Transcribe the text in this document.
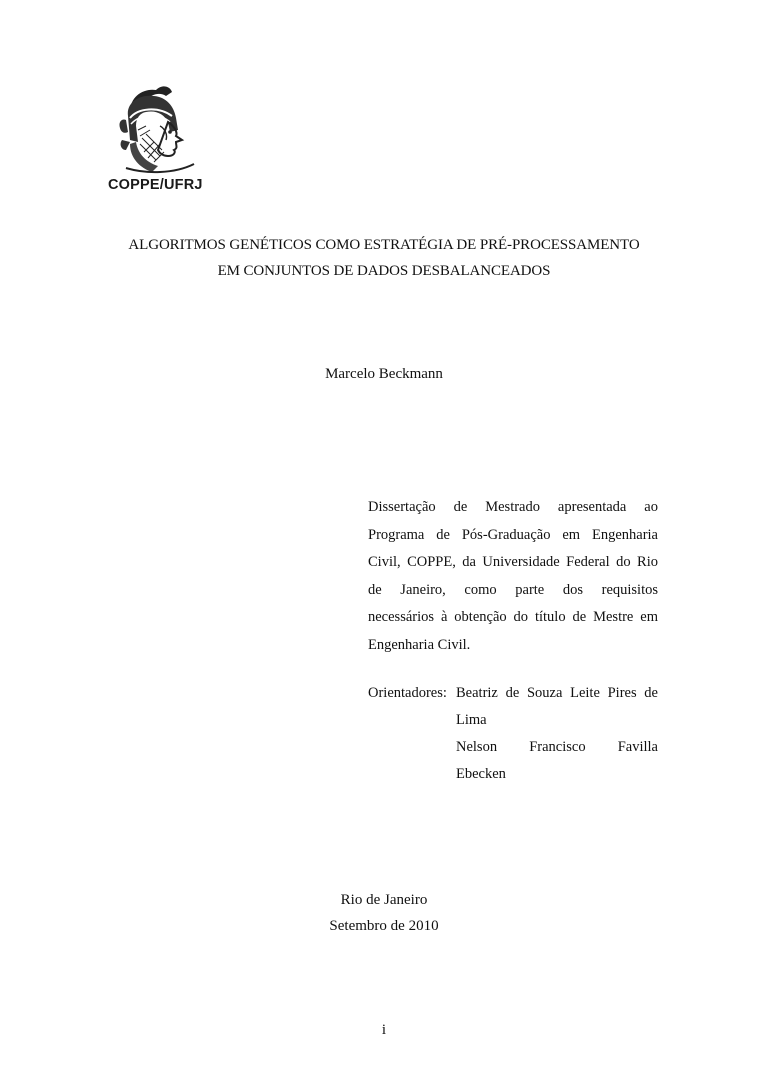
COPPE/UFRJ
ALGORITMOS GENÉTICOS COMO ESTRATÉGIA DE PRÉ-PROCESSAMENTO
EM CONJUNTOS DE DADOS DESBALANCEADOS
Marcelo Beckmann
Dissertação de Mestrado apresentada ao
Programa de Pós-Graduação em Engenharia
Civil, COPPE, da Universidade Federal do Rio
de Janeiro, como parte dos requisitos
necessários à obtenção do título de Mestre em
Engenharia Civil.
Orientadores: Beatriz de Souza Leite Pires de
Lima
Nelson Francisco Favilla
Ebecken
Rio de Janeiro
Setembro de 2010
i
